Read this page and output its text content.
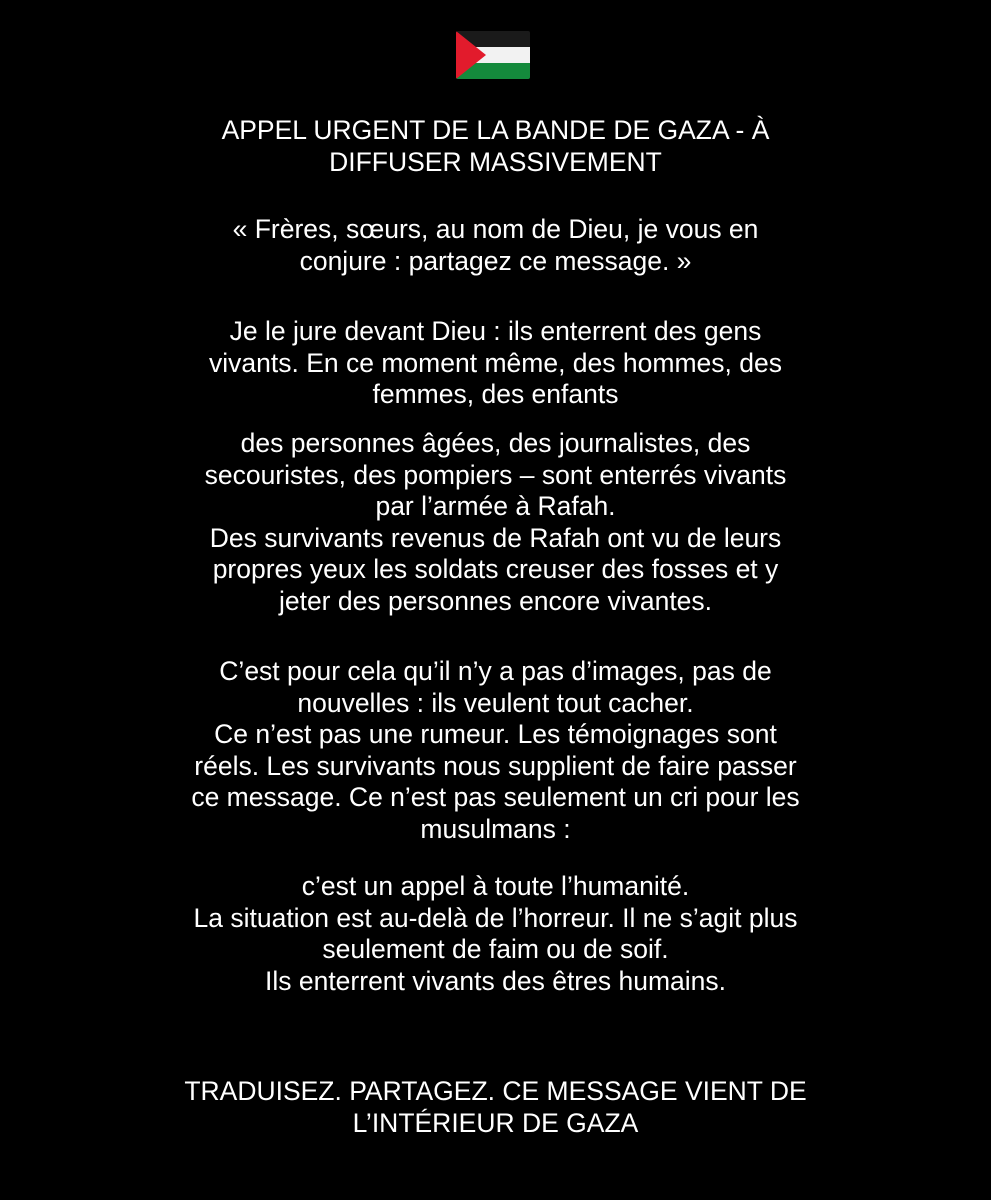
APPEL URGENT DE LA BANDE DE GAZA - À
DIFFUSER MASSIVEMENT
« Frères, sœurs, au nom de Dieu, je vous en
conjure : partagez ce message. »
Je le jure devant Dieu : ils enterrent des gens
vivants. En ce moment même, des hommes, des
femmes, des enfants
des personnes âgées, des journalistes, des
secouristes, des pompiers – sont enterrés vivants
par l’armée à Rafah.
Des survivants revenus de Rafah ont vu de leurs
propres yeux les soldats creuser des fosses et y
jeter des personnes encore vivantes.
C’est pour cela qu’il n’y a pas d’images, pas de
nouvelles : ils veulent tout cacher.
Ce n’est pas une rumeur. Les témoignages sont
réels. Les survivants nous supplient de faire passer
ce message. Ce n’est pas seulement un cri pour les
musulmans :
c’est un appel à toute l’humanité.
La situation est au-delà de l’horreur. Il ne s’agit plus
seulement de faim ou de soif.
Ils enterrent vivants des êtres humains.
TRADUISEZ. PARTAGEZ. CE MESSAGE VIENT DE
L’INTÉRIEUR DE GAZA
